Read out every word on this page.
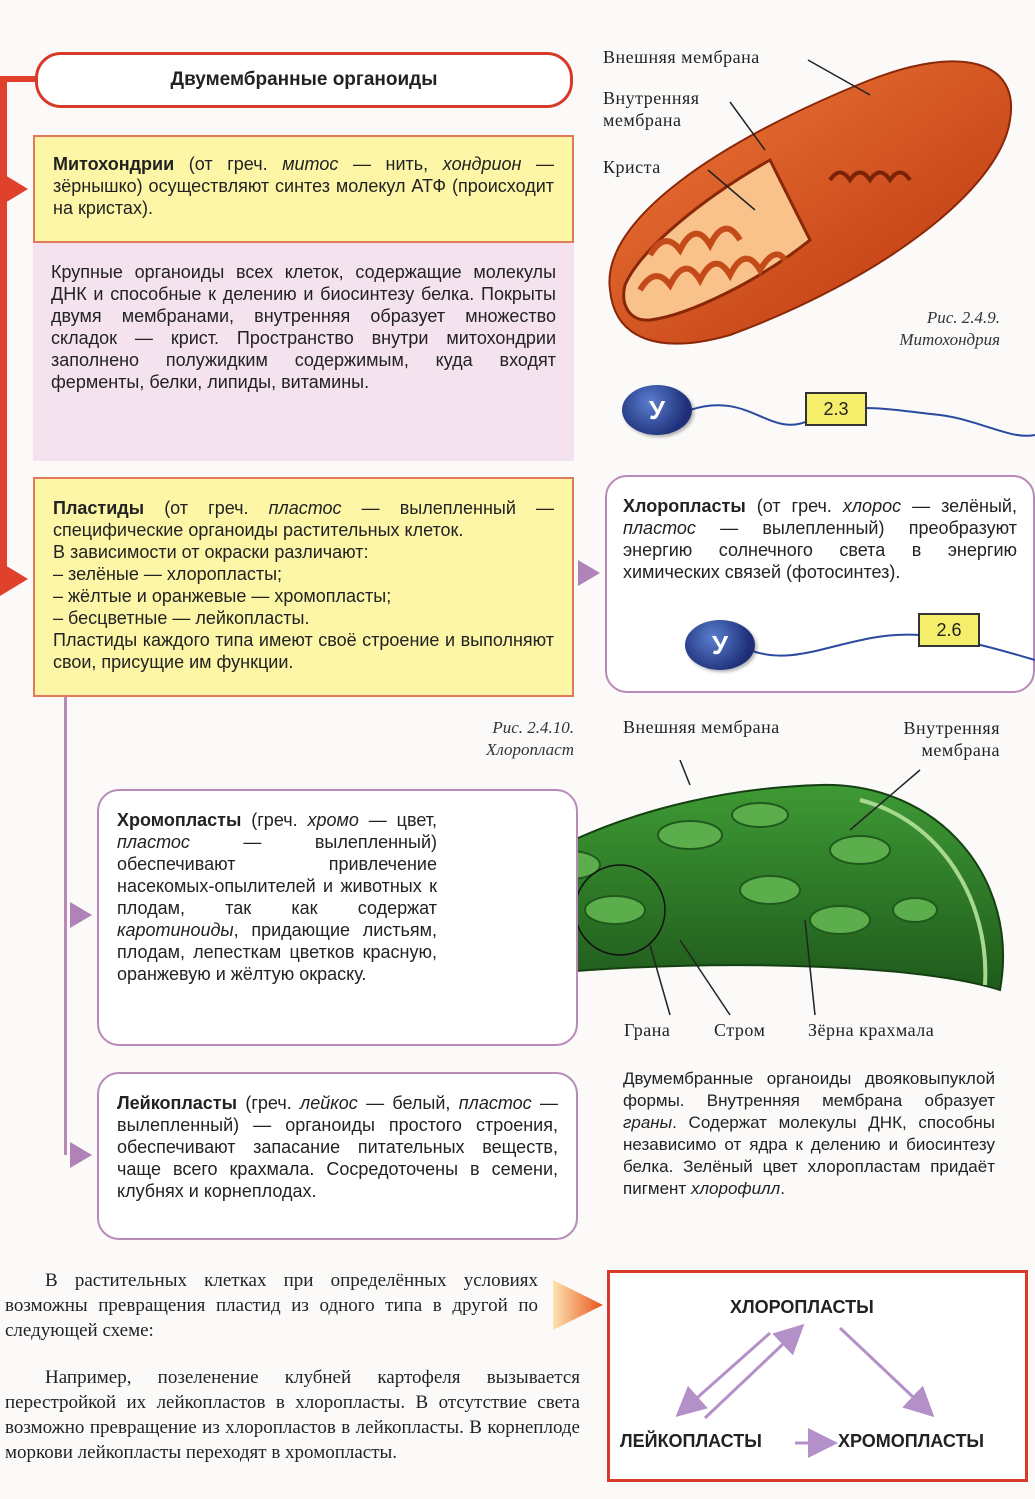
Двумембранные органоиды
Митохондрии (от греч. митос — нить, хондрион — зёрнышко) осуществляют синтез молекул АТФ (происходит на кристах).
Крупные органоиды всех клеток, содержащие молекулы ДНК и способные к делению и биосинтезу белка. Покрыты двумя мембранами, внутренняя образует множество складок — крист. Пространство внутри митохондрии заполнено полужидким содержимым, куда входят ферменты, белки, липиды, витамины.
Пластиды (от греч. пластос — вылепленный — специфические органоиды растительных клеток.
В зависимости от окраски различают:
– зелёные — хлоропласты;
– жёлтые и оранжевые — хромопласты;
– бесцветные — лейкопласты.
Пластиды каждого типа имеют своё строение и выполняют свои, присущие им функции.
Внешняя мембрана
Внутренняя мембрана
Криста
Рис. 2.4.9.
Митохондрия
У	2.3
Хлоропласты (от греч. хлорос — зелёный, пластос — вылепленный) преобразуют энергию солнечного света в энергию химических связей (фотосинтез).
У	2.6
Рис. 2.4.10.
Хлоропласт
Внешняя мембрана	Внутренняя мембрана
Грана Стром Зёрна крахмала
Хромопласты (греч. хромо — цвет, пластос — вылепленный) обеспечивают привлечение насекомых-опылителей и животных к плодам, так как содержат каротиноиды, придающие листьям, плодам, лепесткам цветков красную, оранжевую и жёлтую окраску.
Лейкопласты (греч. лейкос — белый, пластос — вылепленный) — органоиды простого строения, обеспечивают запасание питательных веществ, чаще всего крахмала. Сосредоточены в семени, клубнях и корнеплодах.
Двумембранные органоиды двояковыпуклой формы. Внутренняя мембрана образует граны. Содержат молекулы ДНК, способны независимо от ядра к делению и биосинтезу белка. Зелёный цвет хлоропластам придаёт пигмент хлорофилл.
В растительных клетках при определённых условиях возможны превращения пластид из одного типа в другой по следующей схеме:
Например, позеленение клубней картофеля вызывается перестройкой их лейкопластов в хлоропласты. В отсутствие света возможно превращение из хлоропластов в лейкопласты. В корнеплоде моркови лейкопласты переходят в хромопласты.
ХЛОРОПЛАСТЫ
ЛЕЙКОПЛАСТЫ	ХРОМОПЛАСТЫ
